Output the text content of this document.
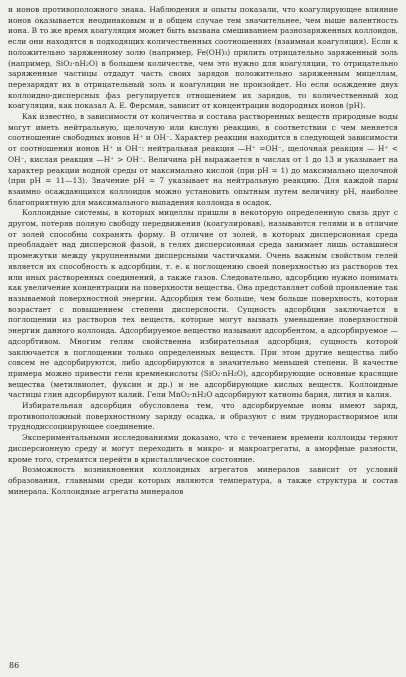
и ионов противоположного знака. Наблюдения и опыты показали, что коагулирующее влияние ионов оказывается неодинаковым и в общем случае тем значительнее, чем выше валентность иона. В то же время коагуляция может быть вызвана смешиванием разнозаряженных коллоидов, если они находятся в подходящих количественных соотношениях (взаимная коагуляция). Если к положительно заряженному золю (например, Fe(OH)₃) прилить отрицательно заряженный золь (например, SiO₂·nH₂O) в большем количестве, чем это нужно для коагуляции, то отрицательно заряженные частицы отдадут часть своих зарядов положительно заряженным мицеллам, перезарядят их в отрицательный золь и коагуляции не произойдет. Но если осаждение двух коллоидно-дисперсных фаз регулируется отношением их зарядов, то количественный ход коагуляции, как показал А. Е. Ферсман, зависит от концентрации водородных ионов (pH).

Как известно, в зависимости от количества и состава растворенных веществ природные воды могут иметь нейтральную, щелочную или кислую реакцию, в соответствии с чем меняется соотношение свободных ионов H⁺ и OH⁻. Характер реакции находится в следующей зависимости от соотношения ионов H⁺ и OH⁻: нейтральная реакция —H⁺ =OH⁻, щелочная реакция — H⁺ < OH⁻, кислая реакция —H⁺ > OH⁻. Величина pH выражается в числах от 1 до 13 и указывает на характер реакции водной среды от максимально кислой (при pH = 1) до максимально щелочной (при pH = 11—13). Значение pH = 7 указывает на нейтральную реакцию. Для каждой пары взаимно осаждающихся коллоидов можно установить опытным путем величину pH, наиболее благоприятную для максимального выпадения коллоида в осадок.

Коллоидные системы, в которых мицеллы пришли в некоторую определенную связь друг с другом, потеряв полную свободу передвижения (коагулировав), называются гелями и в отличие от золей способны сохранять форму. В отличие от золей, в которых дисперсионная среда преобладает над дисперсной фазой, в гелях дисперсионная среда занимает лишь оставшиеся промежутки между укрупненными дисперсными частичками. Очень важным свойством гелей является их способность к адсорбции, т. е. к поглощению своей поверхностью из растворов тех или иных растворенных соединений, а также газов. Следовательно, адсорбцию нужно понимать как увеличение концентрации на поверхности вещества. Она представляет собой проявление так называемой поверхностной энергии. Адсорбция тем больше, чем больше поверхность, которая возрастает с повышением степени дисперсности. Сущность адсорбции заключается в поглощении из растворов тех веществ, которые могут вызвать уменьшение поверхностной энергии данного коллоида. Адсорбируемое вещество называют адсорбентом, а адсорбируемое — адсорбтивом. Многим гелям свойственна избирательная адсорбция, сущность которой заключается в поглощении только определенных веществ. При этом другие вещества либо совсем не адсорбируются, либо адсорбируются в значительно меньшей степени. В качестве примера можно привести гели кремнекислоты (SiO₂·nH₂O), адсорбирующие основные красящие вещества (метилвиолет, фуксин и др.) и не адсорбирующие кислых веществ. Коллоидные частицы глин адсорбируют калий. Гели MnO₂·nH₂O адсорбируют катионы бария, лития и калия.

Избирательная адсорбция обусловлена тем, что адсорбируемые ионы имеют заряд, противоположный поверхностному заряду осадка, и образуют с ним труднорастворимое или труднодиссоциирующее соединение.

Экспериментальными исследованиями доказано, что с течением времени коллоиды теряют дисперсионную среду и могут переходить в микро- и макроагрегаты, а аморфные разности, кроме того, стремятся перейти в кристаллическое состояние.

Возможность возникновения коллоидных агрегатов минералов зависит от условий образования, главными среди которых являются температура, а также структура и состав минерала. Коллоидные агрегаты минералов

86
